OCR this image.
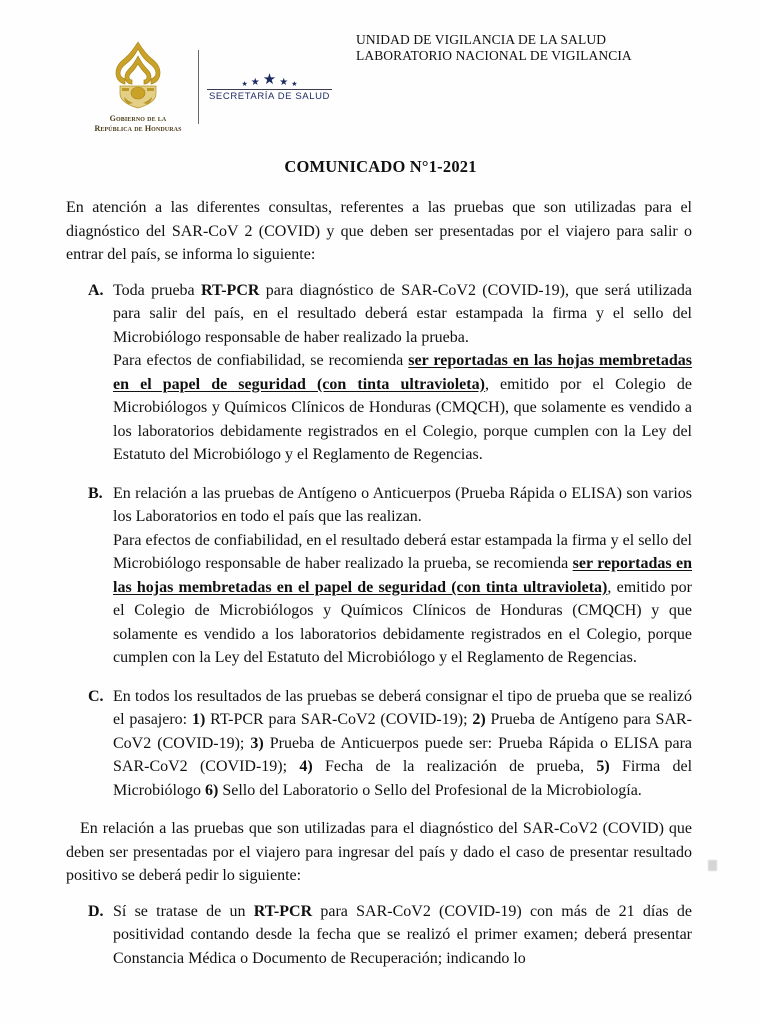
Gobierno de la
República de Honduras
★ ★ ★ ★ ★
SECRETARÍA DE SALUD
UNIDAD DE VIGILANCIA DE LA SALUD
LABORATORIO NACIONAL DE VIGILANCIA
COMUNICADO N°1-2021

En atención a las diferentes consultas, referentes a las pruebas que son utilizadas para el diagnóstico del SAR-CoV 2 (COVID) y que deben ser presentadas por el viajero para salir o entrar del país, se informa lo siguiente:

A. Toda prueba RT-PCR para diagnóstico de SAR-CoV2 (COVID-19), que será utilizada para salir del país, en el resultado deberá estar estampada la firma y el sello del Microbiólogo responsable de haber realizado la prueba.
Para efectos de confiabilidad, se recomienda ser reportadas en las hojas membretadas en el papel de seguridad (con tinta ultravioleta), emitido por el Colegio de Microbiólogos y Químicos Clínicos de Honduras (CMQCH), que solamente es vendido a los laboratorios debidamente registrados en el Colegio, porque cumplen con la Ley del Estatuto del Microbiólogo y el Reglamento de Regencias.
B. En relación a las pruebas de Antígeno o Anticuerpos (Prueba Rápida o ELISA) son varios los Laboratorios en todo el país que las realizan.
Para efectos de confiabilidad, en el resultado deberá estar estampada la firma y el sello del Microbiólogo responsable de haber realizado la prueba, se recomienda ser reportadas en las hojas membretadas en el papel de seguridad (con tinta ultravioleta), emitido por el Colegio de Microbiólogos y Químicos Clínicos de Honduras (CMQCH) y que solamente es vendido a los laboratorios debidamente registrados en el Colegio, porque cumplen con la Ley del Estatuto del Microbiólogo y el Reglamento de Regencias.
C. En todos los resultados de las pruebas se deberá consignar el tipo de prueba que se realizó el pasajero: 1) RT-PCR para SAR-CoV2 (COVID-19); 2) Prueba de Antígeno para SAR-CoV2 (COVID-19); 3) Prueba de Anticuerpos puede ser: Prueba Rápida o ELISA para SAR-CoV2 (COVID-19); 4) Fecha de la realización de prueba, 5) Firma del Microbiólogo 6) Sello del Laboratorio o Sello del Profesional de la Microbiología.

En relación a las pruebas que son utilizadas para el diagnóstico del SAR-CoV2 (COVID) que deben ser presentadas por el viajero para ingresar del país y dado el caso de presentar resultado positivo se deberá pedir lo siguiente:

D. Sí se tratase de un RT-PCR para SAR-CoV2 (COVID-19) con más de 21 días de positividad contando desde la fecha que se realizó el primer examen; deberá presentar Constancia Médica o Documento de Recuperación; indicando lo
